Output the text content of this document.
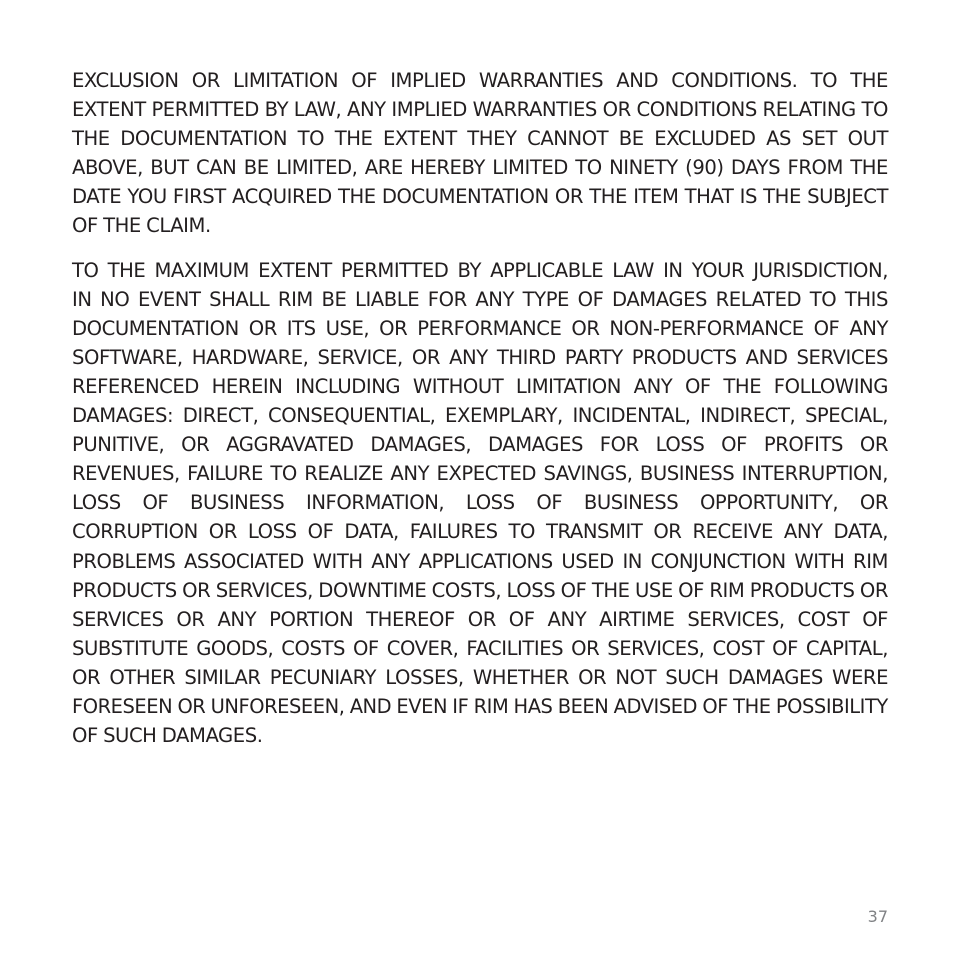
EXCLUSION OR LIMITATION OF IMPLIED WARRANTIES AND CONDITIONS. TO THE
EXTENT PERMITTED BY LAW, ANY IMPLIED WARRANTIES OR CONDITIONS RELATING TO
THE DOCUMENTATION TO THE EXTENT THEY CANNOT BE EXCLUDED AS SET OUT
ABOVE, BUT CAN BE LIMITED, ARE HEREBY LIMITED TO NINETY (90) DAYS FROM THE
DATE YOU FIRST ACQUIRED THE DOCUMENTATION OR THE ITEM THAT IS THE SUBJECT
OF THE CLAIM.

TO THE MAXIMUM EXTENT PERMITTED BY APPLICABLE LAW IN YOUR JURISDICTION,
IN NO EVENT SHALL RIM BE LIABLE FOR ANY TYPE OF DAMAGES RELATED TO THIS
DOCUMENTATION OR ITS USE, OR PERFORMANCE OR NON-PERFORMANCE OF ANY
SOFTWARE, HARDWARE, SERVICE, OR ANY THIRD PARTY PRODUCTS AND SERVICES
REFERENCED HEREIN INCLUDING WITHOUT LIMITATION ANY OF THE FOLLOWING
DAMAGES: DIRECT, CONSEQUENTIAL, EXEMPLARY, INCIDENTAL, INDIRECT, SPECIAL,
PUNITIVE, OR AGGRAVATED DAMAGES, DAMAGES FOR LOSS OF PROFITS OR
REVENUES, FAILURE TO REALIZE ANY EXPECTED SAVINGS, BUSINESS INTERRUPTION,
LOSS OF BUSINESS INFORMATION, LOSS OF BUSINESS OPPORTUNITY, OR
CORRUPTION OR LOSS OF DATA, FAILURES TO TRANSMIT OR RECEIVE ANY DATA,
PROBLEMS ASSOCIATED WITH ANY APPLICATIONS USED IN CONJUNCTION WITH RIM
PRODUCTS OR SERVICES, DOWNTIME COSTS, LOSS OF THE USE OF RIM PRODUCTS OR
SERVICES OR ANY PORTION THEREOF OR OF ANY AIRTIME SERVICES, COST OF
SUBSTITUTE GOODS, COSTS OF COVER, FACILITIES OR SERVICES, COST OF CAPITAL,
OR OTHER SIMILAR PECUNIARY LOSSES, WHETHER OR NOT SUCH DAMAGES WERE
FORESEEN OR UNFORESEEN, AND EVEN IF RIM HAS BEEN ADVISED OF THE POSSIBILITY
OF SUCH DAMAGES.

37
